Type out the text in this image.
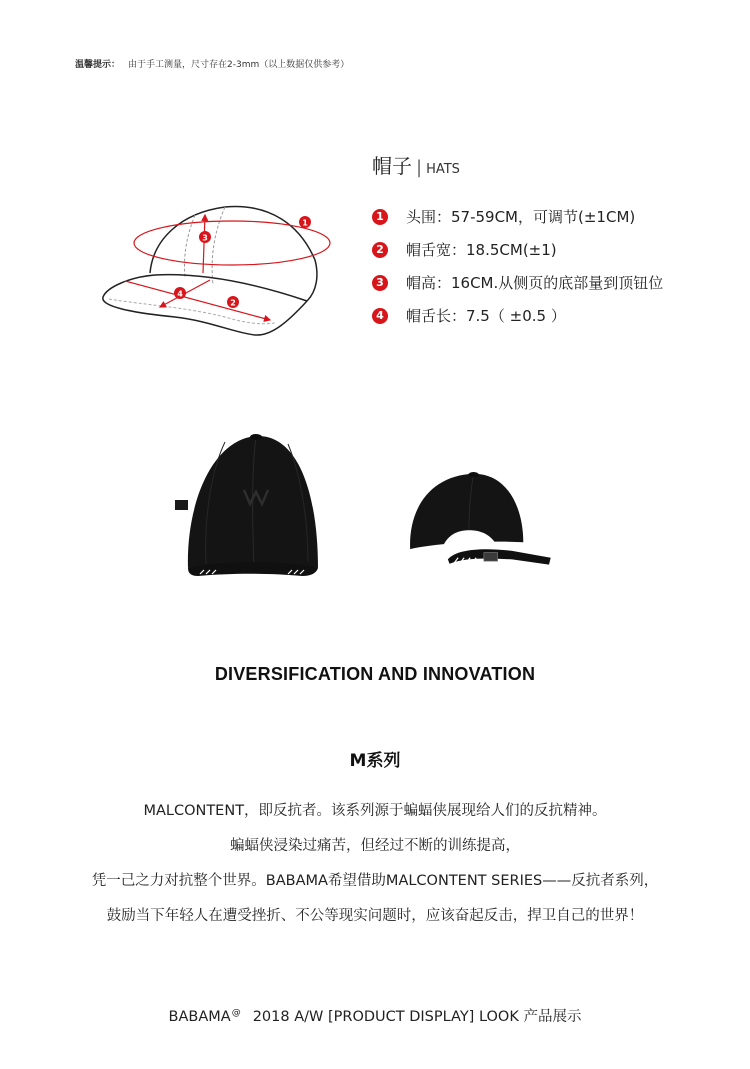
温馨提示： 由于手工测量，尺寸存在2-3mm（以上数据仅供参考）
1
2
3
4
帽子 | HATS
1 头围：57-59CM，可调节(±1CM)
2 帽舌宽：18.5CM(±1)
3 帽高：16CM.从侧页的底部量到顶钮位
4 帽舌长：7.5（ ±0.5 ）
DIVERSIFICATION AND INNOVATION
M系列
MALCONTENT，即反抗者。该系列源于蝙蝠侠展现给人们的反抗精神。
蝙蝠侠浸染过痛苦，但经过不断的训练提高，
凭一己之力对抗整个世界。BABAMA希望借助MALCONTENT SERIES——反抗者系列，
鼓励当下年轻人在遭受挫折、不公等现实问题时，应该奋起反击，捍卫自己的世界！
BABAMA@ 2018 A/W [PRODUCT DISPLAY] LOOK 产品展示
